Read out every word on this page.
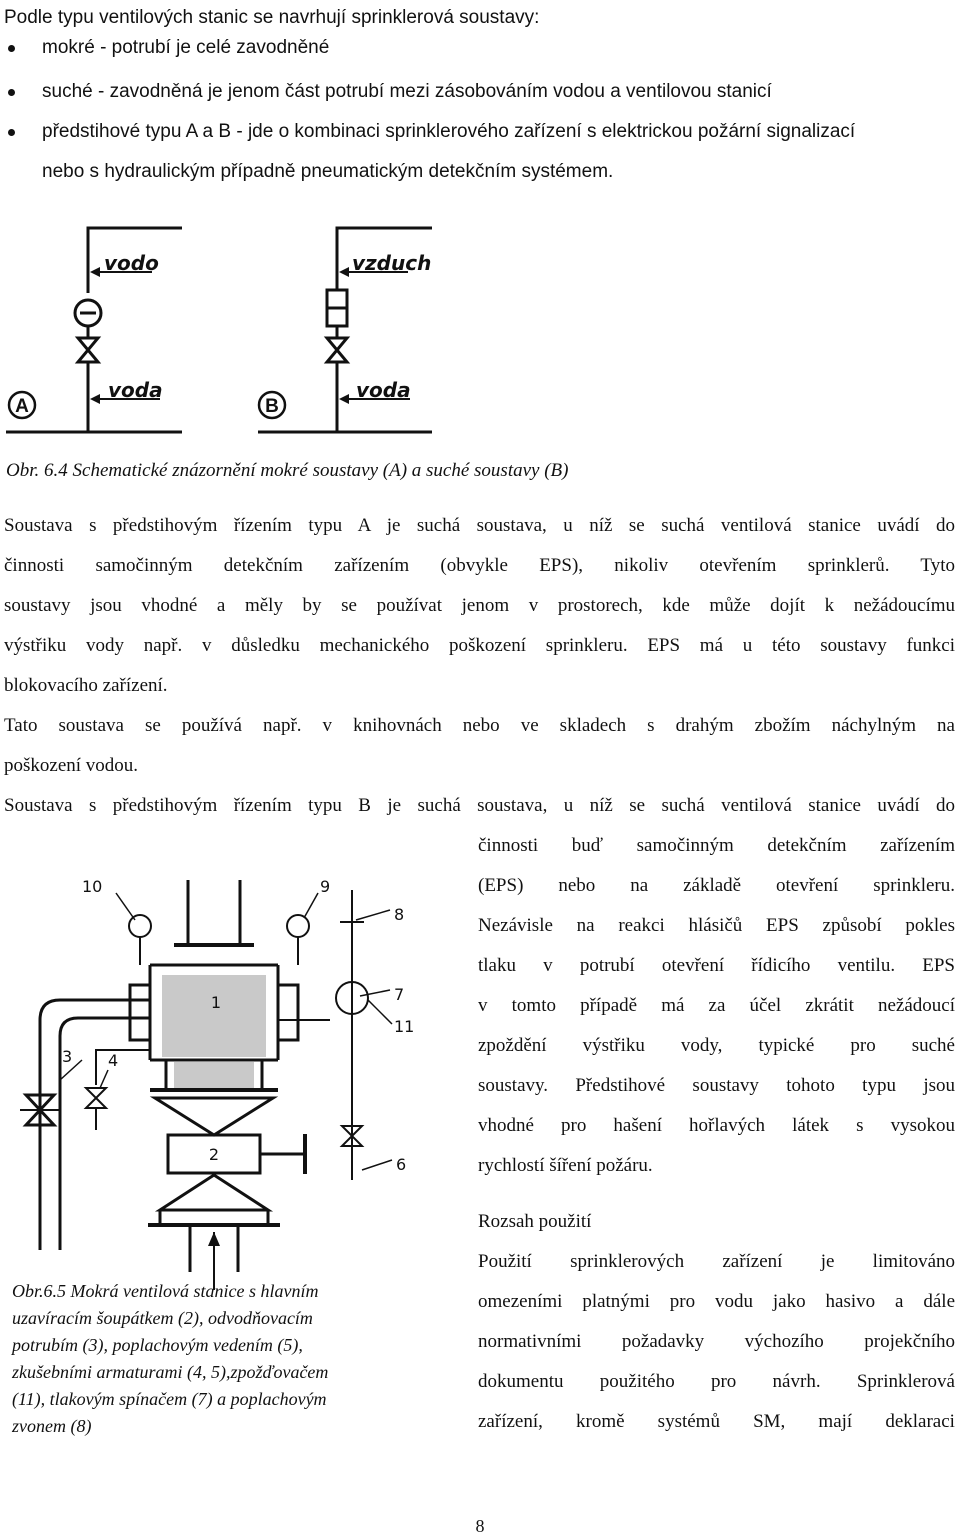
Podle typu ventilových stanic se navrhují sprinklerová soustavy:
mokré - potrubí je celé zavodněné
suché - zavodněná je jenom část potrubí mezi zásobováním vodou a ventilovou stanicí
předstihové typu A a B - jde o kombinaci sprinklerového zařízení s elektrickou požární signalizací
nebo s hydraulickým případně pneumatickým detekčním systémem.
vodo
voda
A
vzduch
voda
B
Obr. 6.4 Schematické znázornění mokré soustavy (A) a suché soustavy (B)
Soustava s předstihovým řízením typu A je suchá soustava, u níž se suchá ventilová stanice uvádí do
činnosti samočinným detekčním zařízením (obvykle EPS), nikoliv otevřením sprinklerů. Tyto
soustavy jsou vhodné a měly by se používat jenom v prostorech, kde může dojít k nežádoucímu
výstřiku vody např. v důsledku mechanického poškození sprinkleru. EPS má u této soustavy funkci
blokovacího zařízení.
Tato soustava se používá např. v knihovnách nebo ve skladech s drahým zbožím náchylným na
poškození vodou.
Soustava s předstihovým řízením typu B je suchá soustava, u níž se suchá ventilová stanice uvádí do
činnosti buď samočinným detekčním zařízením
(EPS) nebo na základě otevření sprinkleru.
Nezávisle na reakci hlásičů EPS způsobí pokles
tlaku v potrubí otevření řídicího ventilu. EPS
v tomto případě má za účel zkrátit nežádoucí
zpoždění výstřiku vody, typické pro suché
soustavy. Předstihové soustavy tohoto typu jsou
vhodné pro hašení hořlavých látek s vysokou
rychlostí šíření požáru.
Rozsah použití
Použití sprinklerových zařízení je limitováno
omezeními platnými pro vodu jako hasivo a dále
normativními požadavky výchozího projekčního
dokumentu použitého pro návrh. Sprinklerová
zařízení, kromě systémů SM, mají deklaraci
10	9
8
7
11
3 4
1
2
6
Obr.6.5 Mokrá ventilová stanice s hlavním
uzavíracím šoupátkem (2), odvodňovacím
potrubím (3), poplachovým vedením (5),
zkušebními armaturami (4, 5),zpožďovačem
(11), tlakovým spínačem (7) a poplachovým
zvonem (8)
8
